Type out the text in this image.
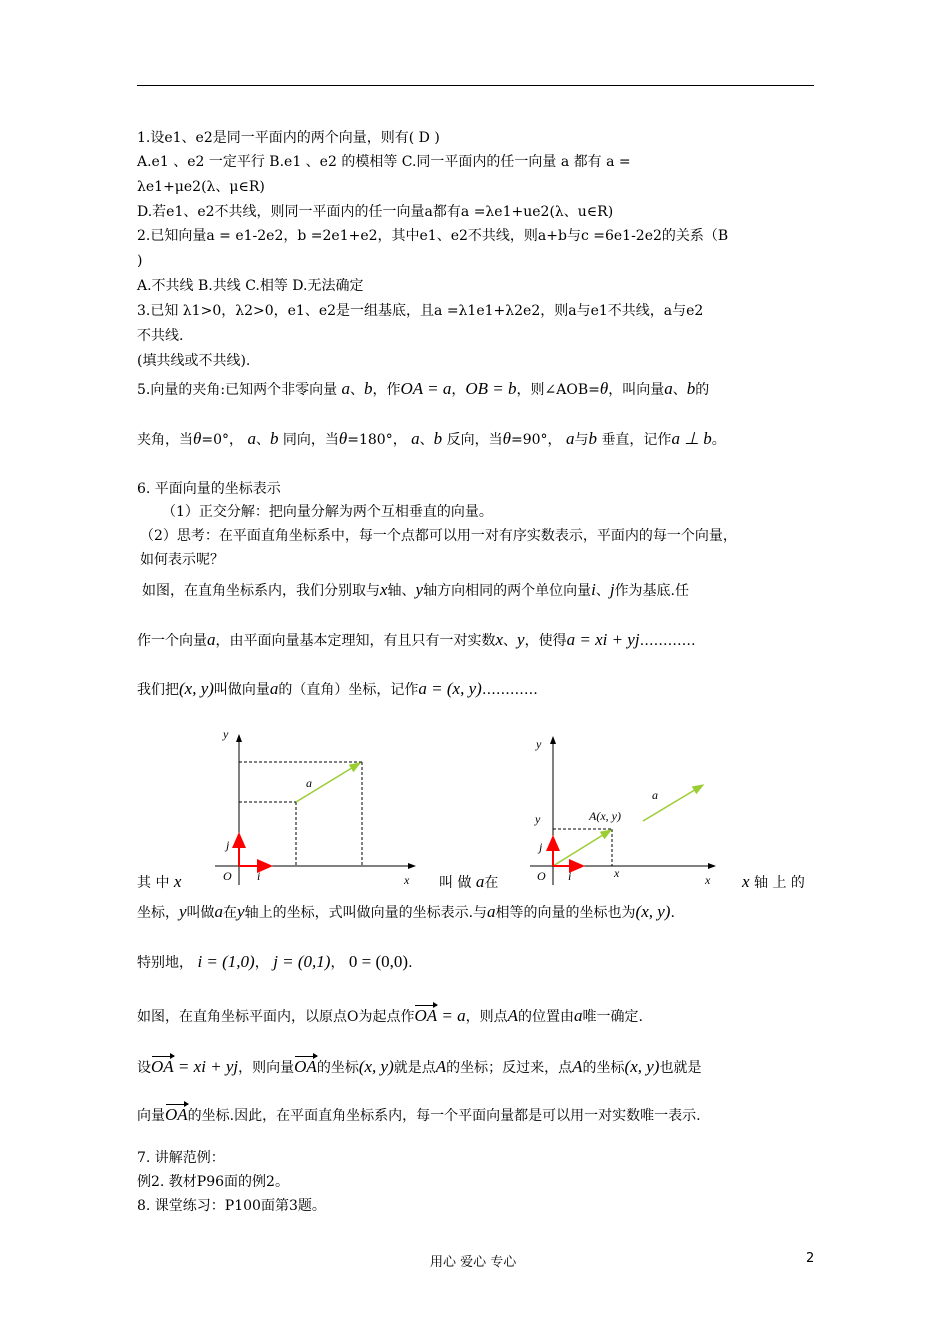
1.设e1、e2是同一平面内的两个向量，则有( D )
A.e1 、e2 一定平行 B.e1 、e2 的模相等 C.同一平面内的任一向量 a 都有 a =
λe1+μe2(λ、μ∈R)
D.若e1、e2不共线，则同一平面内的任一向量a都有a =λe1+ue2(λ、u∈R)
2.已知向量a = e1-2e2，b =2e1+e2，其中e1、e2不共线，则a+b与c =6e1-2e2的关系（B
)
A.不共线 B.共线 C.相等 D.无法确定
3.已知 λ1>0，λ2>0，e1、e2是一组基底，且a =λ1e1+λ2e2，则a与e1不共线，a与e2
不共线.
(填共线或不共线).
5.向量的夹角:已知两个非零向量 a、b，作OA = a，OB = b，则∠AOB=θ，叫向量a、b的
夹角，当θ=0°， a、b 同向，当θ=180°， a、b 反向，当θ=90°， a与b 垂直，记作a ⊥ b。
6. 平面向量的坐标表示
（1）正交分解：把向量分解为两个互相垂直的向量。
（2）思考：在平面直角坐标系中，每一个点都可以用一对有序实数表示，平面内的每一个向量，
如何表示呢？
如图，在直角坐标系内，我们分别取与x轴、y轴方向相同的两个单位向量i、j作为基底.任
作一个向量a，由平面向量基本定理知，有且只有一对实数x、y，使得a = xi + yj…………
我们把(x, y)叫做向量a的（直角）坐标，记作a = (x, y)…………
y
x
O i
j
a
y
x
O i
j
y
x
A(x, y)
a
其 中 x	叫 做 a在	x 轴 上 的
坐标，y叫做a在y轴上的坐标，式叫做向量的坐标表示.与a相等的向量的坐标也为(x, y).
特别地， i = (1,0)， j = (0,1)， 0 = (0,0).
如图，在直角坐标平面内，以原点O为起点作OA = a，则点A的位置由a唯一确定.
设OA = xi + yj，则向量OA的坐标(x, y)就是点A的坐标；反过来，点A的坐标(x, y)也就是
向量OA的坐标.因此，在平面直角坐标系内，每一个平面向量都是可以用一对实数唯一表示.
7. 讲解范例：
例2. 教材P96面的例2。
8. 课堂练习：P100面第3题。
用心 爱心 专心	2
